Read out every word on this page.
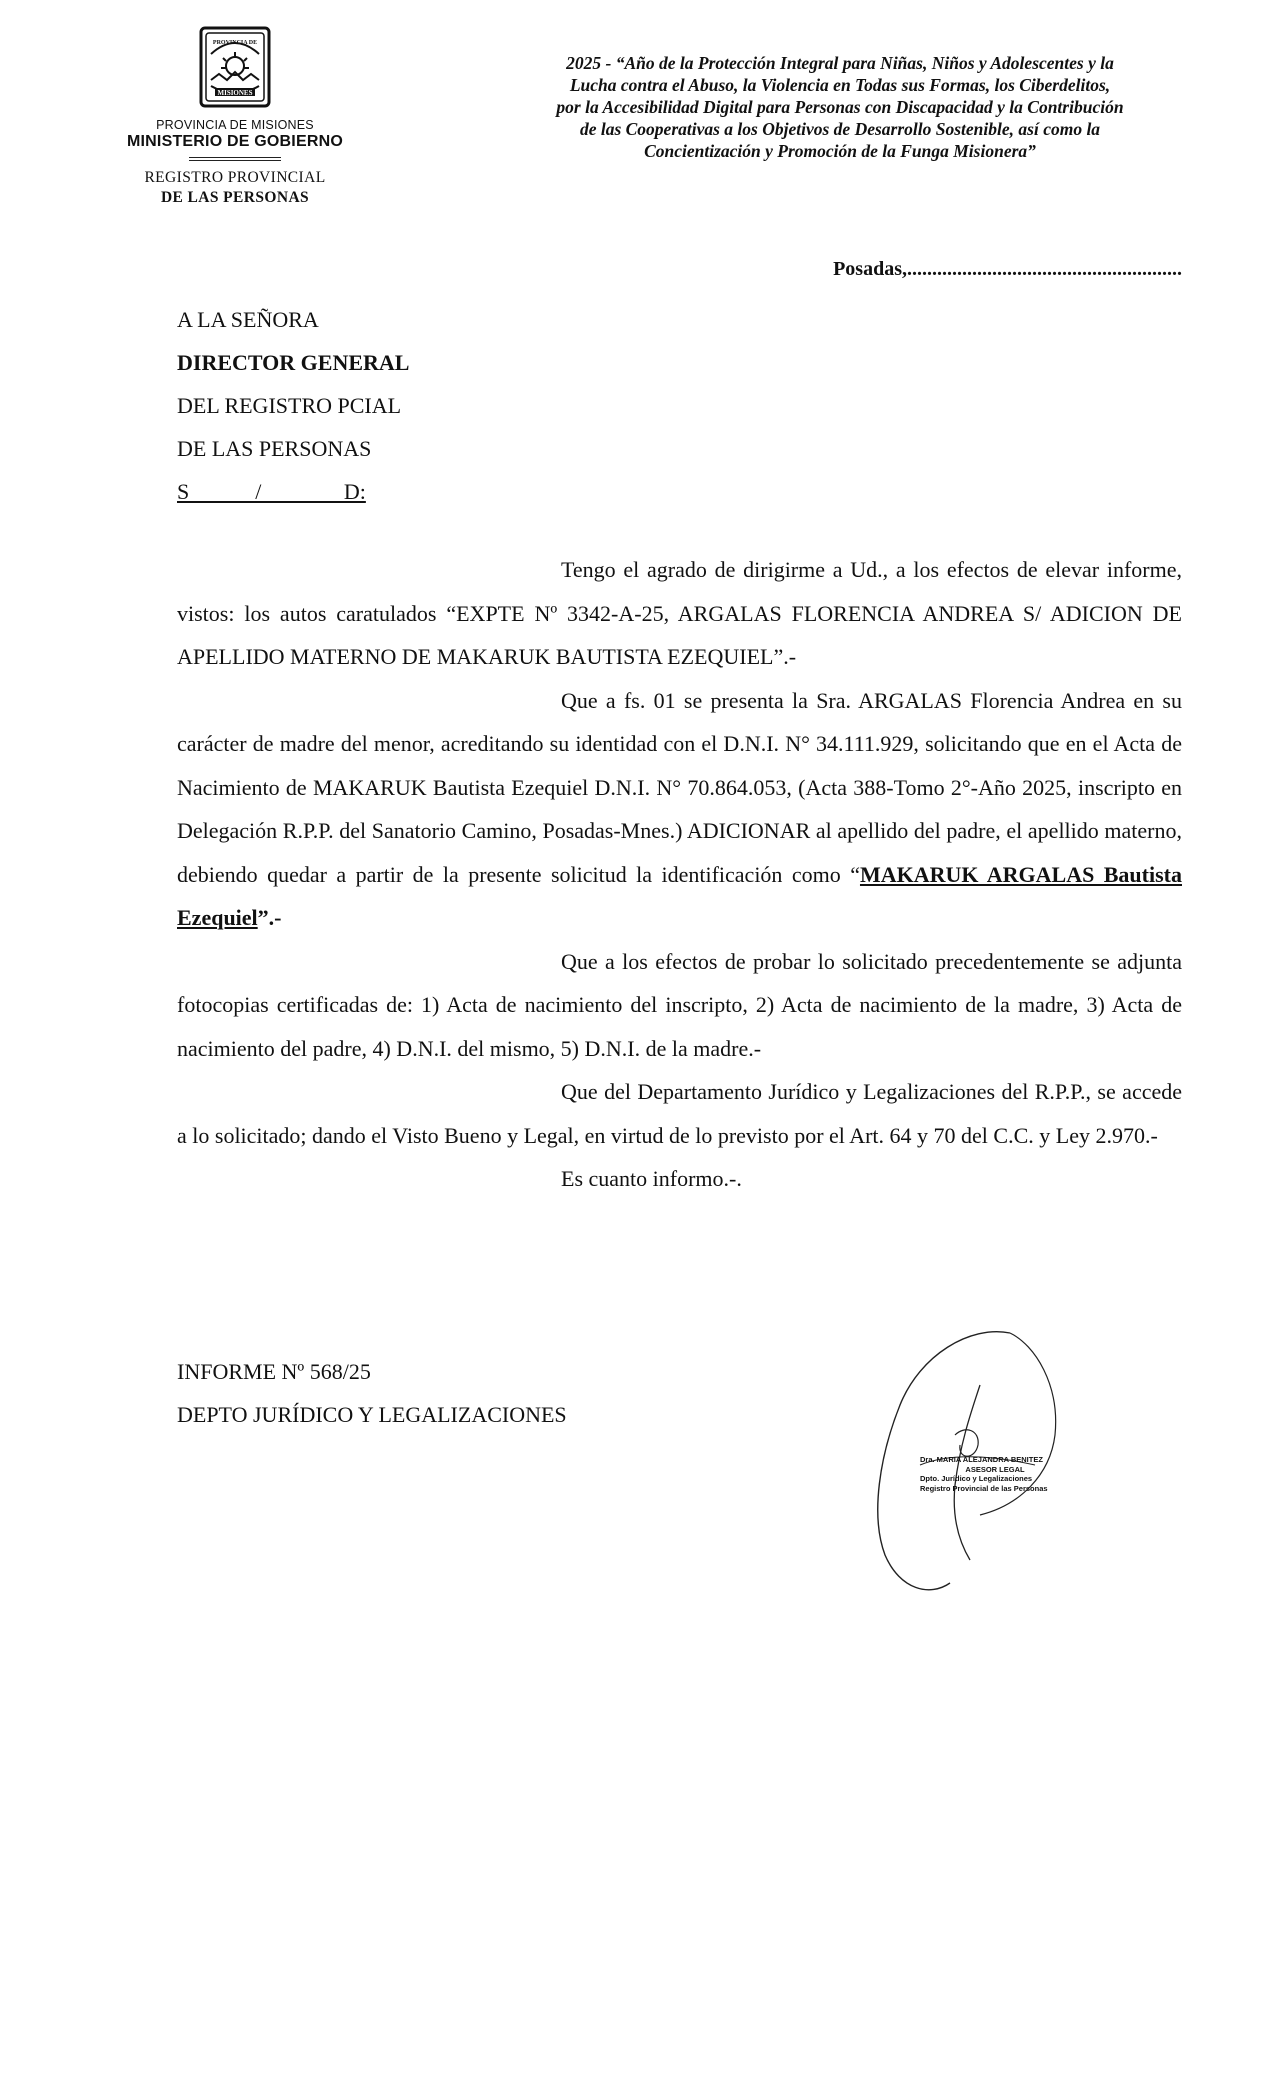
PROVINCIA DE
MISIONES
PROVINCIA DE MISIONES
MINISTERIO DE GOBIERNO
REGISTRO PROVINCIAL
DE LAS PERSONAS
2025 - “Año de la Protección Integral para Niñas, Niños y Adolescentes y la
Lucha contra el Abuso, la Violencia en Todas sus Formas, los Ciberdelitos,
por la Accesibilidad Digital para Personas con Discapacidad y la Contribución
de las Cooperativas a los Objetivos de Desarrollo Sostenible, así como la
Concientización y Promoción de la Funga Misionera”
Posadas,.......................................................
A LA SEÑORA
DIRECTOR GENERAL
DEL REGISTRO PCIAL
DE LAS PERSONAS
S            /               D:

Tengo el agrado de dirigirme a Ud., a los efectos de elevar informe, vistos: los autos caratulados “EXPTE Nº 3342-A-25, ARGALAS FLORENCIA ANDREA S/ ADICION DE APELLIDO MATERNO DE MAKARUK BAUTISTA EZEQUIEL”.-

Que a fs. 01 se presenta la Sra. ARGALAS Florencia Andrea en su carácter de madre del menor, acreditando su identidad con el D.N.I. N° 34.111.929, solicitando que en el Acta de Nacimiento de MAKARUK Bautista Ezequiel D.N.I. N° 70.864.053, (Acta 388-Tomo 2°-Año 2025, inscripto en Delegación R.P.P. del Sanatorio Camino, Posadas-Mnes.) ADICIONAR al apellido del padre, el apellido materno, debiendo quedar a partir de la presente solicitud la identificación como “MAKARUK ARGALAS Bautista Ezequiel”.-

Que a los efectos de probar lo solicitado precedentemente se adjunta fotocopias certificadas de: 1) Acta de nacimiento del inscripto, 2) Acta de nacimiento de la madre, 3) Acta de nacimiento del padre, 4) D.N.I. del mismo, 5) D.N.I. de la madre.-

Que del Departamento Jurídico y Legalizaciones del R.P.P., se accede a lo solicitado; dando el Visto Bueno y Legal, en virtud de lo previsto por el Art. 64 y 70 del C.C. y Ley 2.970.-

Es cuanto informo.-.

INFORME Nº 568/25
DEPTO JURÍDICO Y LEGALIZACIONES
Dra. MARIA ALEJANDRA BENITEZ
ASESOR LEGAL
Dpto. Jurídico y Legalizaciones
Registro Provincial de las Personas
